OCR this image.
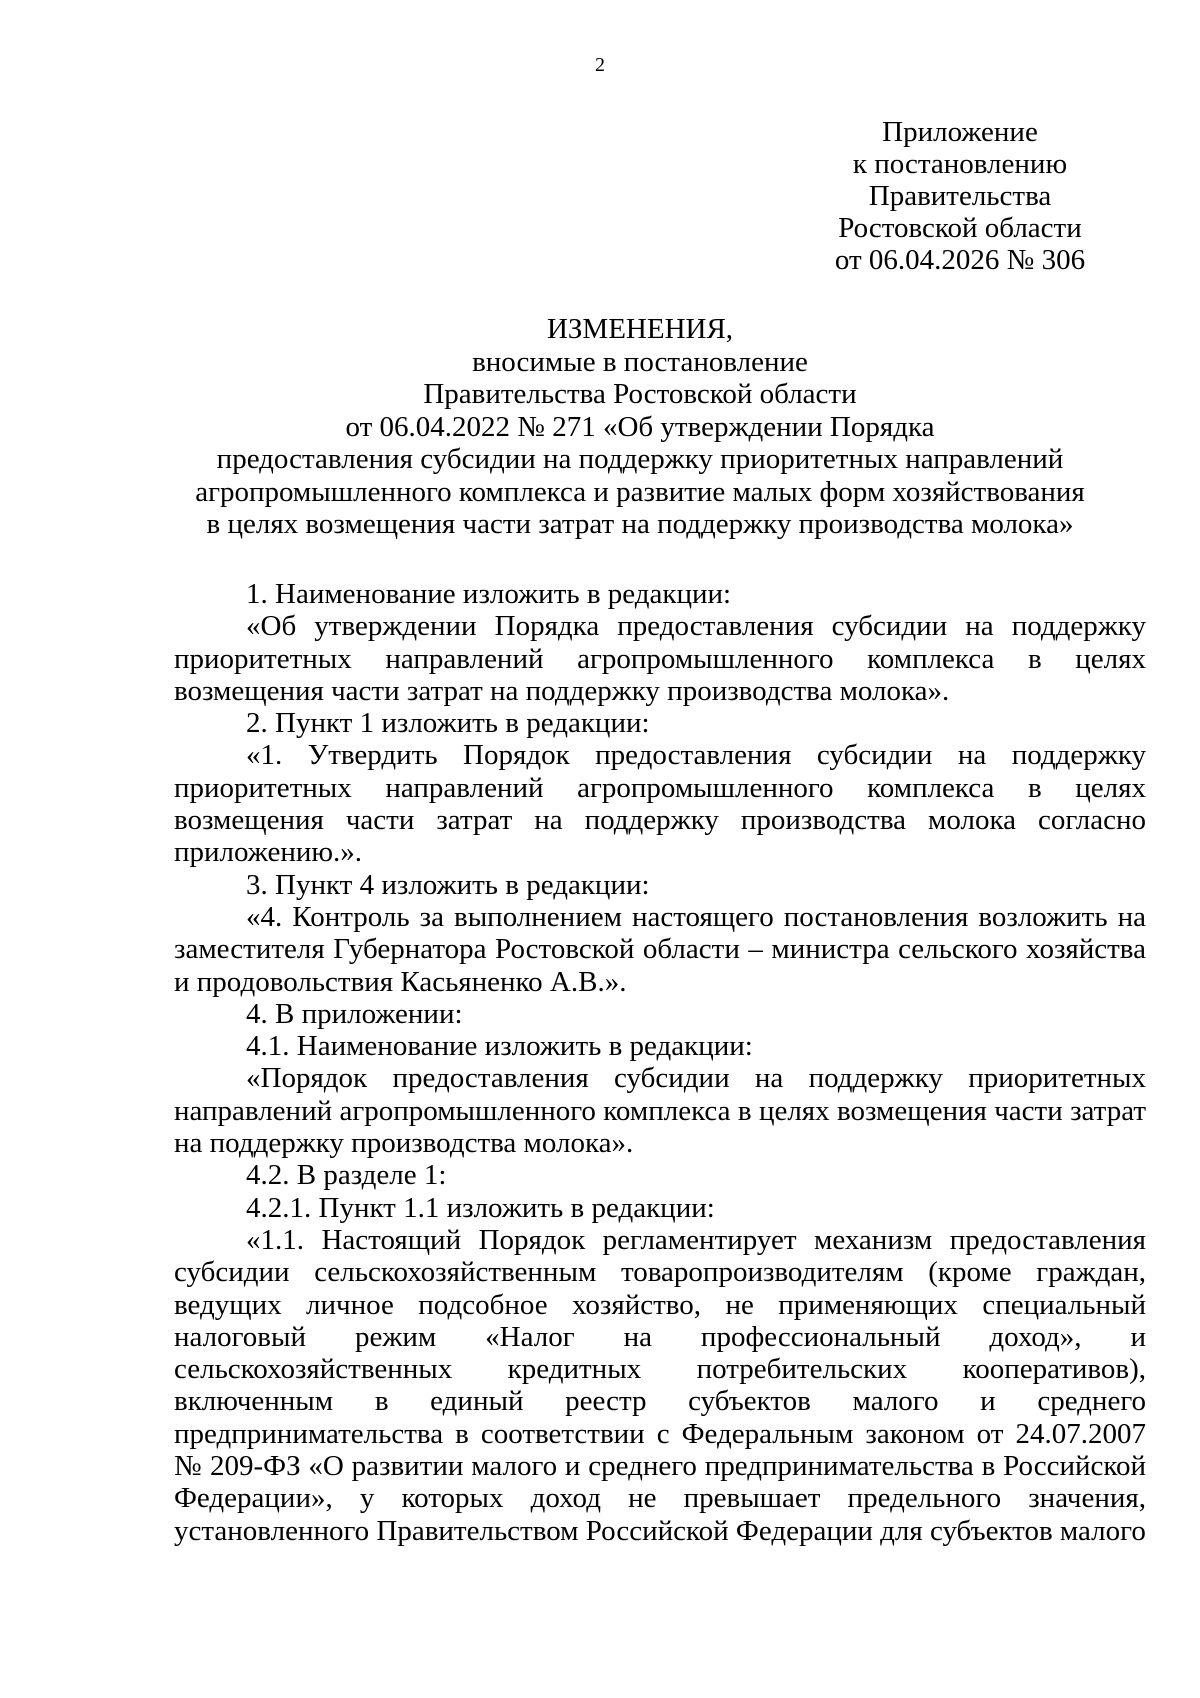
2
Приложение
к постановлению
Правительства
Ростовской области
от 06.04.2026 № 306
ИЗМЕНЕНИЯ,
вносимые в постановление
Правительства Ростовской области
от 06.04.2022 № 271 «Об утверждении Порядка
предоставления субсидии на поддержку приоритетных направлений
агропромышленного комплекса и развитие малых форм хозяйствования
в целях возмещения части затрат на поддержку производства молока»

1. Наименование изложить в редакции:

«Об утверждении Порядка предоставления субсидии на поддержку приоритетных направлений агропромышленного комплекса в целях возмещения части затрат на поддержку производства молока».

2. Пункт 1 изложить в редакции:

«1. Утвердить Порядок предоставления субсидии на поддержку приоритетных направлений агропромышленного комплекса в целях возмещения части затрат на поддержку производства молока согласно приложению.».

3. Пункт 4 изложить в редакции:

«4. Контроль за выполнением настоящего постановления возложить на заместителя Губернатора Ростовской области – министра сельского хозяйства и продовольствия Касьяненко А.В.».

4. В приложении:

4.1. Наименование изложить в редакции:

«Порядок предоставления субсидии на поддержку приоритетных направлений агропромышленного комплекса в целях возмещения части затрат на поддержку производства молока».

4.2. В разделе 1:

4.2.1. Пункт 1.1 изложить в редакции:

«1.1. Настоящий Порядок регламентирует механизм предоставления субсидии сельскохозяйственным товаропроизводителям (кроме граждан, ведущих личное подсобное хозяйство, не применяющих специальный налоговый режим «Налог на профессиональный доход», и сельскохозяйственных кредитных потребительских кооперативов), включенным в единый реестр субъектов малого и среднего предпринимательства в соответствии с Федеральным законом от 24.07.2007 № 209-ФЗ «О развитии малого и среднего предпринимательства в Российской Федерации», у которых доход не превышает предельного значения, установленного Правительством Российской Федерации для субъектов малого
